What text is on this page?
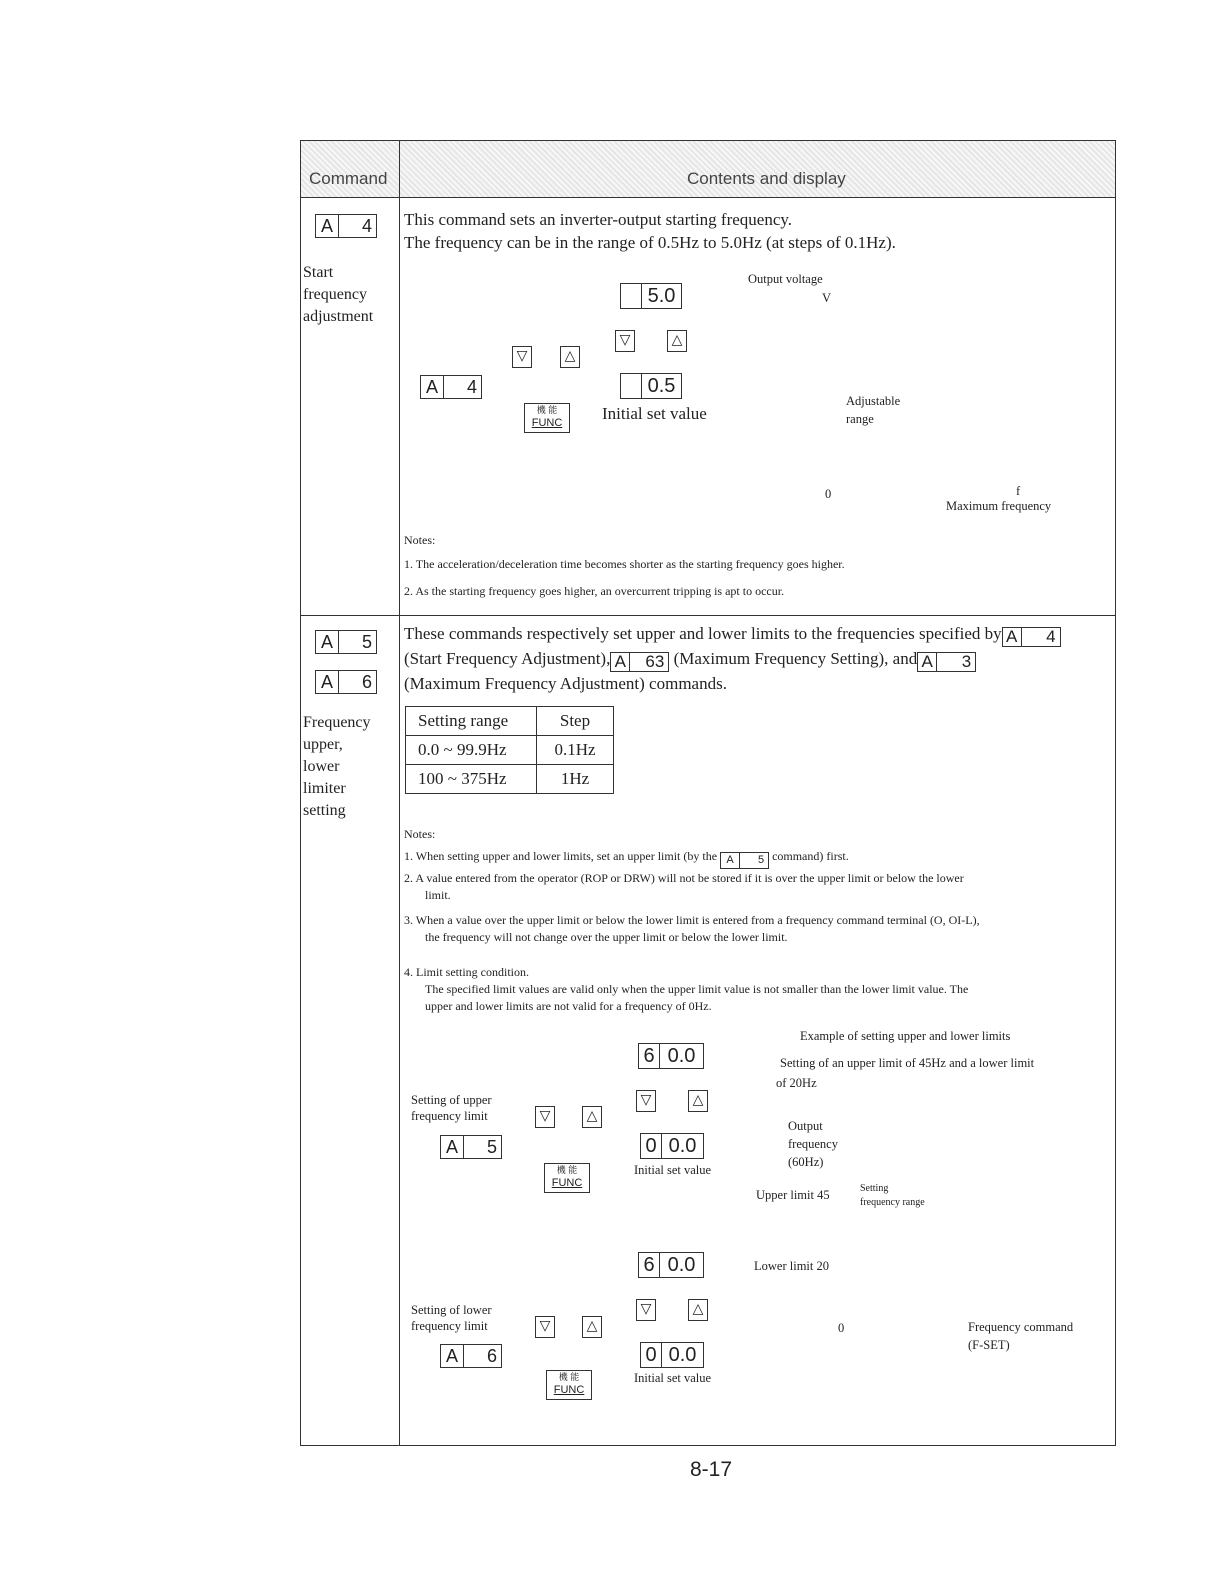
Command	Contents and display
A	4
Start
frequency
adjustment
This command sets an inverter-output starting frequency.
The frequency can be in the range of 0.5Hz to 5.0Hz (at steps of 0.1Hz).
5.0
▽	△
▽	△
A	4	0.5
機 能
FUNC	Initial set value
Output voltage
V
Adjustable
range
0	f
Maximum frequency
Notes:
1. The acceleration/deceleration time becomes shorter as the starting frequency goes higher.
2. As the starting frequency goes higher, an overcurrent tripping is apt to occur.
A	5
A	6
Frequency
upper,
lower
limiter
setting
These commands respectively set upper and lower limits to the frequencies specified by A	4
(Start Frequency Adjustment), A	63 (Maximum Frequency Setting), and A	3
(Maximum Frequency Adjustment) commands.
Setting range	Step
0.0 ~ 99.9Hz	0.1Hz
100 ~ 375Hz	1Hz
Notes:
1. When setting upper and lower limits, set an upper limit (by the A	5 command) first.
2. A value entered from the operator (ROP or DRW) will not be stored if it is over the upper limit or below the lower
limit.
3. When a value over the upper limit or below the lower limit is entered from a frequency command terminal (O, OI-L),
the frequency will not change over the upper limit or below the lower limit.
4. Limit setting condition.
The specified limit values are valid only when the upper limit value is not smaller than the lower limit value. The
upper and lower limits are not valid for a frequency of 0Hz.
Setting of upper
frequency limit
6 0.0
▽	△
▽	△
A	5	0 0.0
機 能
FUNC
Initial set value
Setting of lower
frequency limit
6 0.0
▽	△
▽	△
A	6	0 0.0
機 能
FUNC
Initial set value
Example of setting upper and lower limits
Setting of an upper limit of 45Hz and a lower limit
of 20Hz
Output
frequency
(60Hz)
Upper limit 45
Lower limit 20
0
Setting
frequency range
Frequency command
(F-SET)
8-17
